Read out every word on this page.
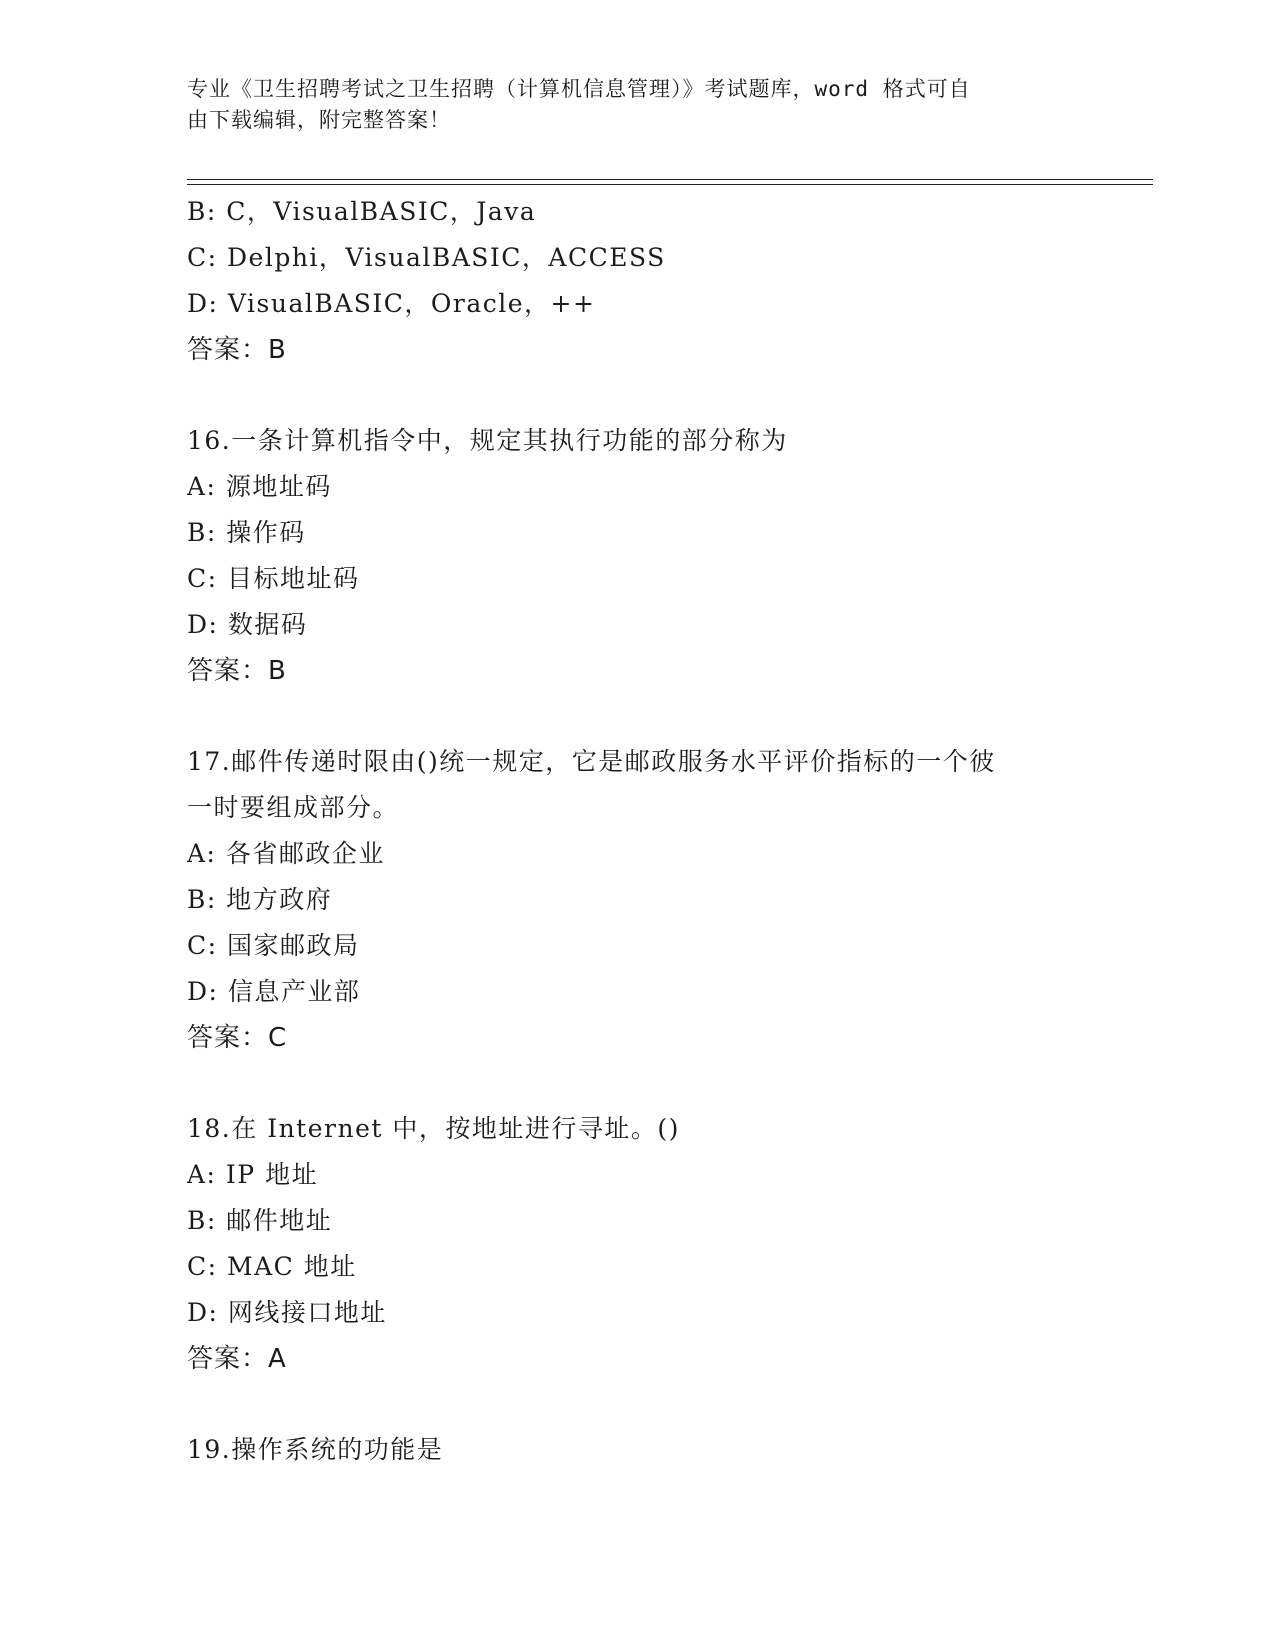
专业《卫生招聘考试之卫生招聘（计算机信息管理）》考试题库，word 格式可自
由下载编辑，附完整答案！
B: C，VisualBASIC，Java
C: Delphi，VisualBASIC，ACCESS
D: VisualBASIC，Oracle，++
答案：B
16.一条计算机指令中，规定其执行功能的部分称为
A: 源地址码
B: 操作码
C: 目标地址码
D: 数据码
答案：B
17.邮件传递时限由()统一规定，它是邮政服务水平评价指标的一个彼
一时要组成部分。
A: 各省邮政企业
B: 地方政府
C: 国家邮政局
D: 信息产业部
答案：C
18.在 Internet 中，按地址进行寻址。()
A: IP 地址
B: 邮件地址
C: MAC 地址
D: 网线接口地址
答案：A
19.操作系统的功能是
